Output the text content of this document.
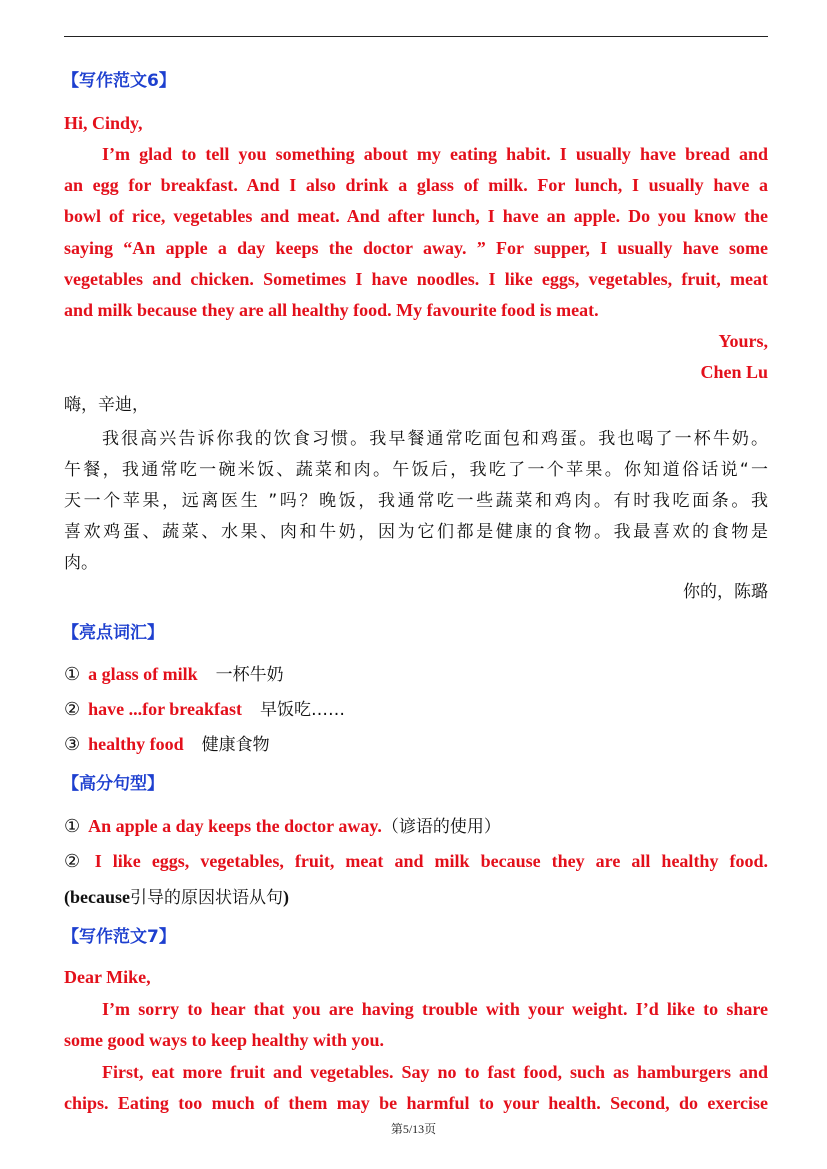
【写作范文6】
Hi, Cindy,
I’m glad to tell you something about my eating habit. I usually have bread and
an egg for breakfast. And I also drink a glass of milk. For lunch, I usually have a
bowl of rice, vegetables and meat. And after lunch, I have an apple. Do you know the
saying “An apple a day keeps the doctor away. ” For supper, I usually have some
vegetables and chicken. Sometimes I have noodles. I like eggs, vegetables, fruit, meat
and milk because they are all healthy food. My favourite food is meat.
Yours,
Chen Lu
嗨，辛迪，
我很高兴告诉你我的饮食习惯。我早餐通常吃面包和鸡蛋。我也喝了一杯牛奶。
午餐，我通常吃一碗米饭、蔬菜和肉。午饭后，我吃了一个苹果。你知道俗话说“一
天一个苹果，远离医生 ”吗？晚饭，我通常吃一些蔬菜和鸡肉。有时我吃面条。我
喜欢鸡蛋、蔬菜、水果、肉和牛奶，因为它们都是健康的食物。我最喜欢的食物是
肉。
你的，陈璐
【亮点词汇】
① a glass of milk 一杯牛奶
② have ...for breakfast 早饭吃……
③ healthy food 健康食物
【高分句型】
① An apple a day keeps the doctor away.（谚语的使用）
② I like eggs, vegetables, fruit, meat and milk because they are all healthy food.
(because引导的原因状语从句)
【写作范文7】
Dear Mike,
I’m sorry to hear that you are having trouble with your weight. I’d like to share
some good ways to keep healthy with you.
First, eat more fruit and vegetables. Say no to fast food, such as hamburgers and
chips. Eating too much of them may be harmful to your health. Second, do exercise
第5/13页
